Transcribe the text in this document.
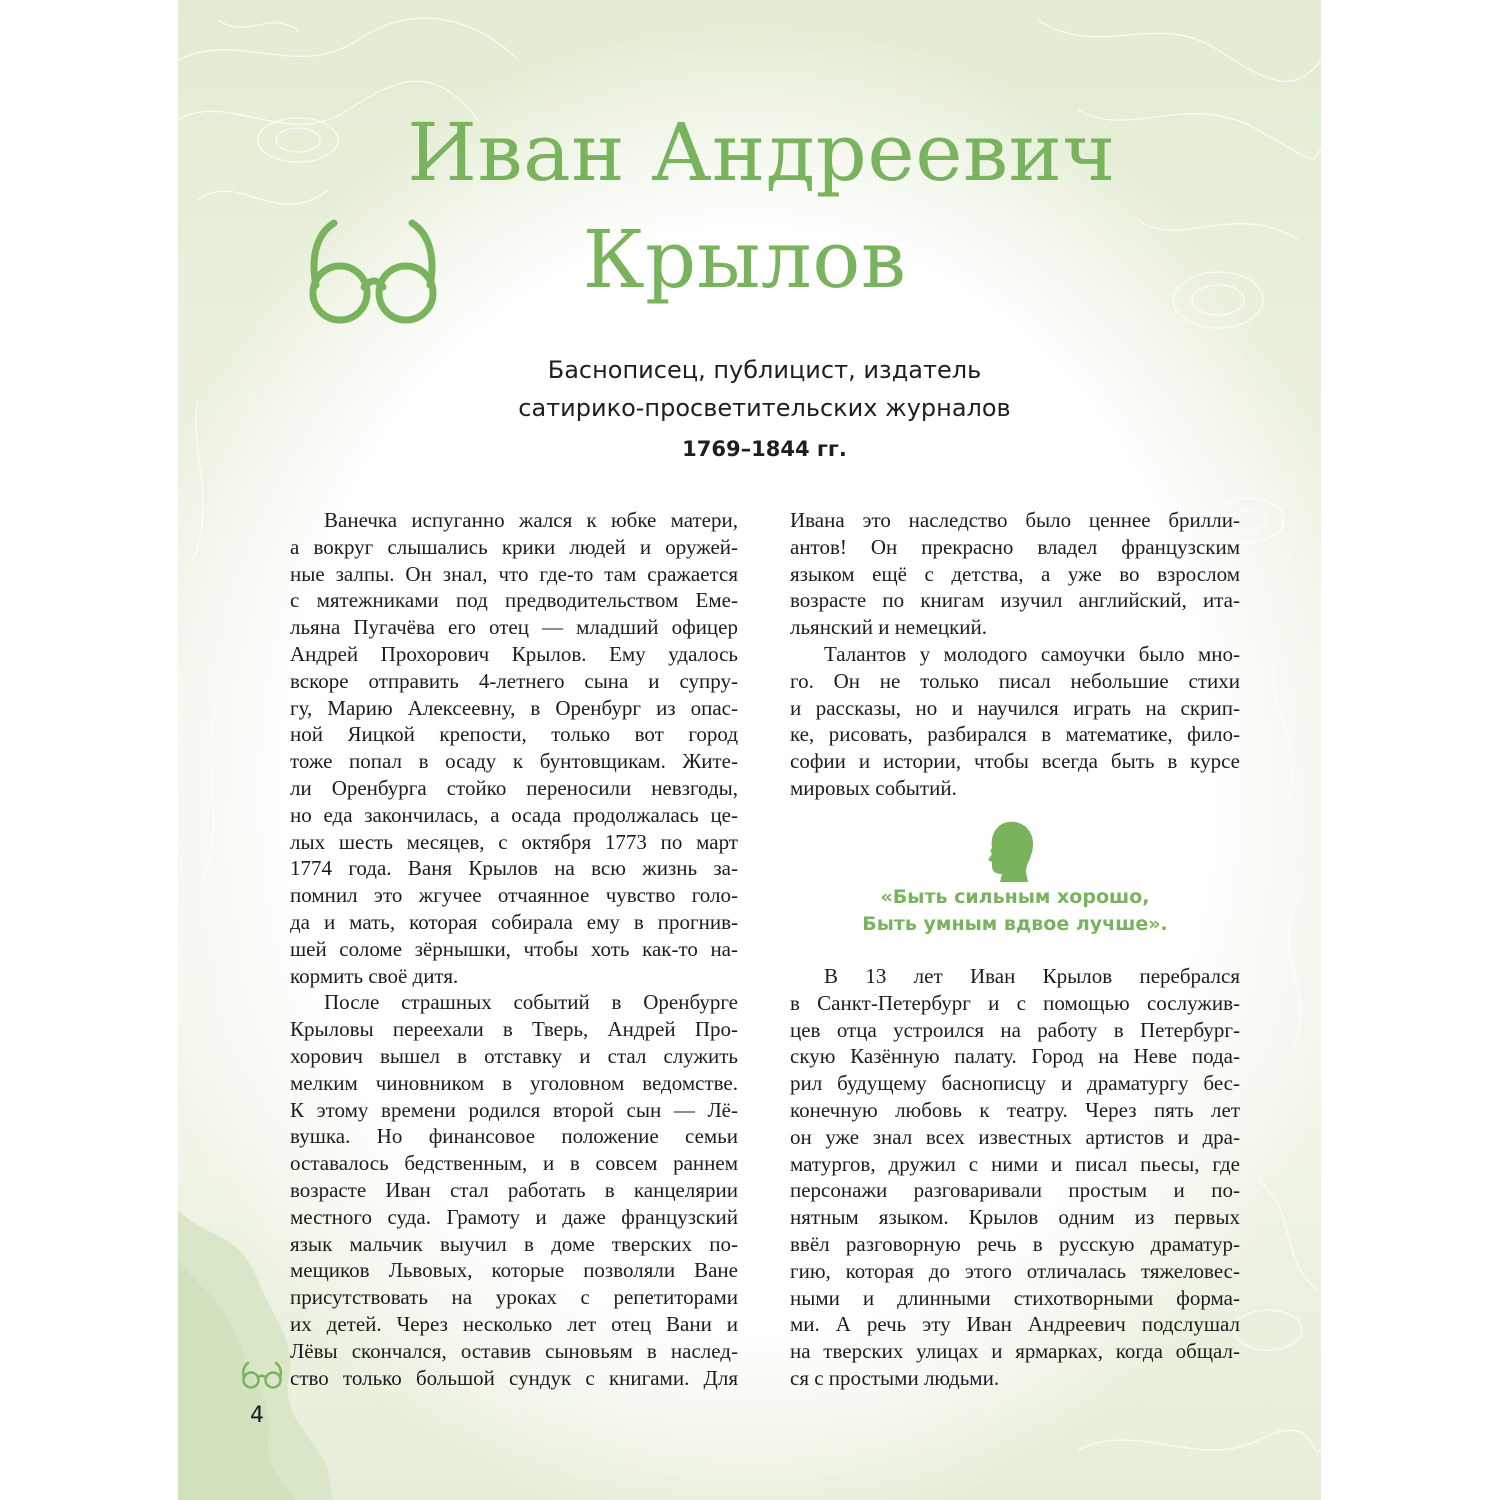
Иван Андреевич
Крылов
Баснописец, публицист, издатель
сатирико-просветительских журналов
1769–1844 гг.
Ванечка испуганно жался к юбке матери,
а вокруг слышались крики людей и оружей-
ные залпы. Он знал, что где-то там сражается
с мятежниками под предводительством Еме-
льяна Пугачёва его отец — младший офицер
Андрей Прохорович Крылов. Ему удалось
вскоре отправить 4-летнего сына и супру-
гу, Марию Алексеевну, в Оренбург из опас-
ной Яицкой крепости, только вот город
тоже попал в осаду к бунтовщикам. Жите-
ли Оренбурга стойко переносили невзгоды,
но еда закончилась, а осада продолжалась це-
лых шесть месяцев, с октября 1773 по март
1774 года. Ваня Крылов на всю жизнь за-
помнил это жгучее отчаянное чувство голо-
да и мать, которая собирала ему в прогнив-
шей соломе зёрнышки, чтобы хоть как-то на-
кормить своё дитя.
После страшных событий в Оренбурге
Крыловы переехали в Тверь, Андрей Про-
хорович вышел в отставку и стал служить
мелким чиновником в уголовном ведомстве.
К этому времени родился второй сын — Лё-
вушка. Но финансовое положение семьи
оставалось бедственным, и в совсем раннем
возрасте Иван стал работать в канцелярии
местного суда. Грамоту и даже французский
язык мальчик выучил в доме тверских по-
мещиков Львовых, которые позволяли Ване
присутствовать на уроках с репетиторами
их детей. Через несколько лет отец Вани и
Лёвы скончался, оставив сыновьям в наслед-
ство только большой сундук с книгами. Для
Ивана это наследство было ценнее брилли-
антов! Он прекрасно владел французским
языком ещё с детства, а уже во взрослом
возрасте по книгам изучил английский, ита-
льянский и немецкий.
Талантов у молодого самоучки было мно-
го. Он не только писал небольшие стихи
и рассказы, но и научился играть на скрип-
ке, рисовать, разбирался в математике, фило-
софии и истории, чтобы всегда быть в курсе
мировых событий.
«Быть сильным хорошо,
Быть умным вдвое лучше».
В 13 лет Иван Крылов перебрался
в Санкт-Петербург и с помощью сослужив-
цев отца устроился на работу в Петербург-
скую Казённую палату. Город на Неве пода-
рил будущему баснописцу и драматургу бес-
конечную любовь к театру. Через пять лет
он уже знал всех известных артистов и дра-
матургов, дружил с ними и писал пьесы, где
персонажи разговаривали простым и по-
нятным языком. Крылов одним из первых
ввёл разговорную речь в русскую драматур-
гию, которая до этого отличалась тяжеловес-
ными и длинными стихотворными форма-
ми. А речь эту Иван Андреевич подслушал
на тверских улицах и ярмарках, когда общал-
ся с простыми людьми.
4
